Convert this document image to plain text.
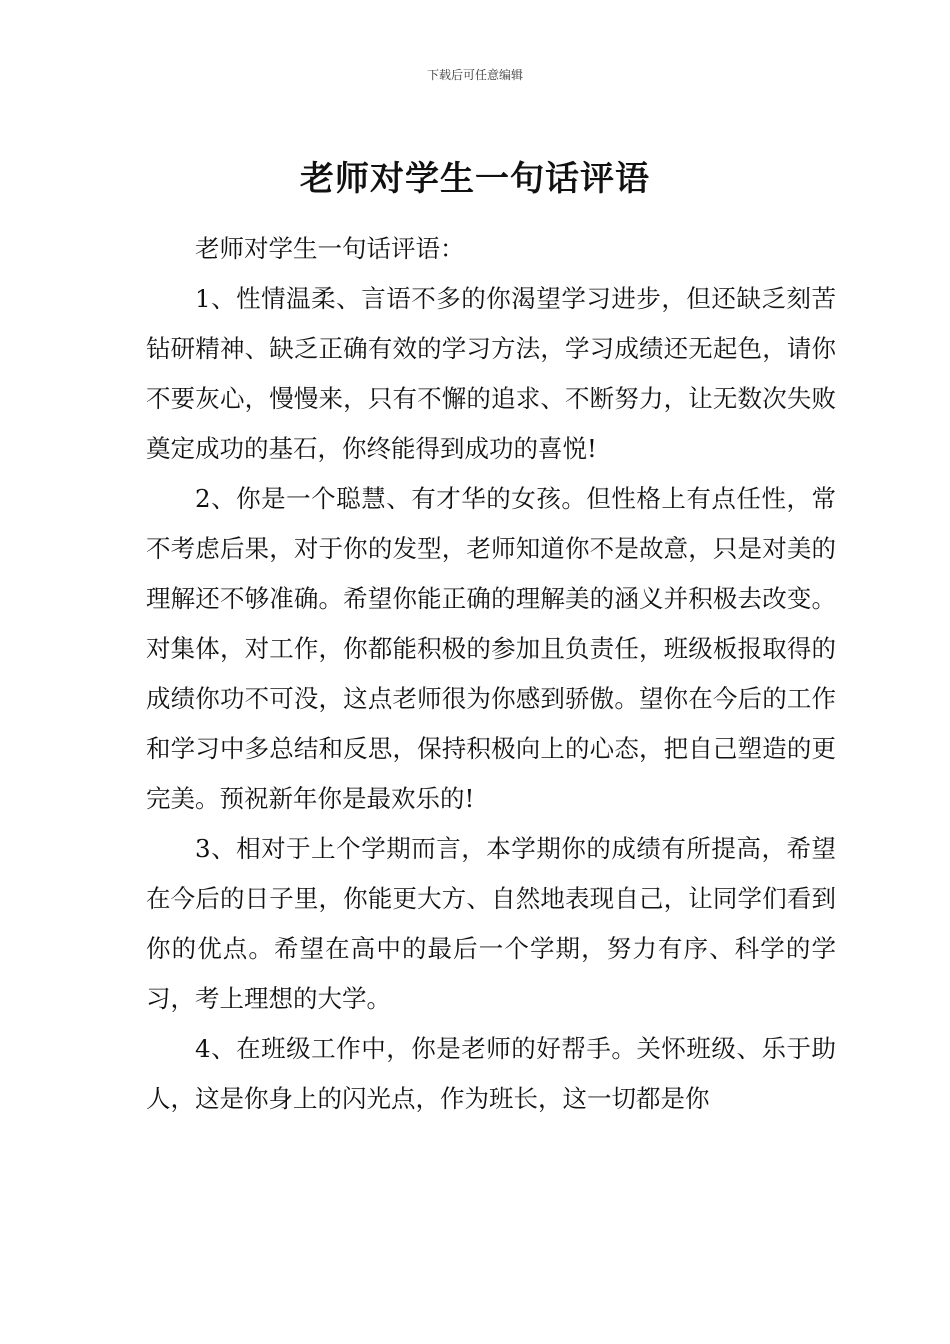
下载后可任意编辑
老师对学生一句话评语

老师对学生一句话评语：

1、性情温柔、言语不多的你渴望学习进步，但还缺乏刻苦钻研精神、缺乏正确有效的学习方法，学习成绩还无起色，请你不要灰心，慢慢来，只有不懈的追求、不断努力，让无数次失败奠定成功的基石，你终能得到成功的喜悦!

2、你是一个聪慧、有才华的女孩。但性格上有点任性，常不考虑后果，对于你的发型，老师知道你不是故意，只是对美的理解还不够准确。希望你能正确的理解美的涵义并积极去改变。对集体，对工作，你都能积极的参加且负责任，班级板报取得的成绩你功不可没，这点老师很为你感到骄傲。望你在今后的工作和学习中多总结和反思，保持积极向上的心态，把自己塑造的更完美。预祝新年你是最欢乐的!

3、相对于上个学期而言，本学期你的成绩有所提高，希望在今后的日子里，你能更大方、自然地表现自己，让同学们看到你的优点。希望在高中的最后一个学期，努力有序、科学的学习，考上理想的大学。

4、在班级工作中，你是老师的好帮手。关怀班级、乐于助人，这是你身上的闪光点，作为班长，这一切都是你
